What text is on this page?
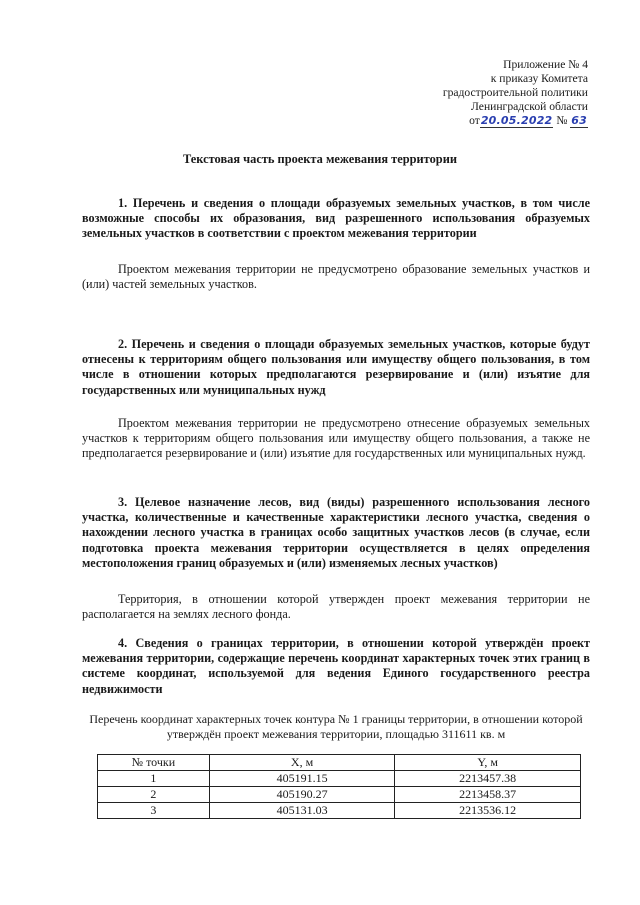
Приложение № 4
к приказу Комитета
градостроительной политики
Ленинградской области
от20.05.2022 № 63
Текстовая часть проекта межевания территории
1. Перечень и сведения о площади образуемых земельных участков, в том числе возможные способы их образования, вид разрешенного использования образуемых земельных участков в соответствии с проектом межевания территории
Проектом межевания территории не предусмотрено образование земельных участков и (или) частей земельных участков.
2. Перечень и сведения о площади образуемых земельных участков, которые будут отнесены к территориям общего пользования или имуществу общего пользования, в том числе в отношении которых предполагаются резервирование и (или) изъятие для государственных или муниципальных нужд
Проектом межевания территории не предусмотрено отнесение образуемых земельных участков к территориям общего пользования или имуществу общего пользования, а также не предполагается резервирование и (или) изъятие для государственных или муниципальных нужд.
3. Целевое назначение лесов, вид (виды) разрешенного использования лесного участка, количественные и качественные характеристики лесного участка, сведения о нахождении лесного участка в границах особо защитных участков лесов (в случае, если подготовка проекта межевания территории осуществляется в целях определения местоположения границ образуемых и (или) изменяемых лесных участков)
Территория, в отношении которой утвержден проект межевания территории не располагается на землях лесного фонда.
4. Сведения о границах территории, в отношении которой утверждён проект межевания территории, содержащие перечень координат характерных точек этих границ в системе координат, используемой для ведения Единого государственного реестра недвижимости
Перечень координат характерных точек контура № 1 границы территории, в отношении которой утверждён проект межевания территории, площадью 311611 кв. м
№ точки	X, м	Y, м
1	405191.15	2213457.38
2	405190.27	2213458.37
3	405131.03	2213536.12
